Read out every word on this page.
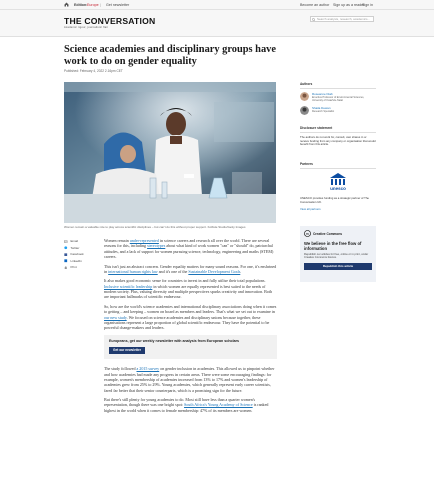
Edition: Europe | Get newsletter	Become an author Sign up as a reader
Sign in
THE CONVERSATION
Academic rigour, journalistic flair
Search analysis, research, academics...
Science academies and disciplinary groups have work to do on gender equality
Published: February 4, 2022 2.16pm CET
Women remain a valuable role to play across scientific disciplines – but can't do this without proper support. KolbHe Studio/Getty Images
Email
Twitter
Facebook
LinkedIn
Print

Women remain under-represented in science careers and research all over the world. There are several reasons for this, including stereotypes about what kind of work women "can" or "should" do, patriarchal attitudes, and a lack of support for women pursuing science, technology, engineering and maths (STEM) careers.

This isn't just an abstract concern. Gender equality matters for many sound reasons. For one, it's enshrined in international human rights law and it's one of the Sustainable Development Goals.

It also makes good economic sense for countries to invest in and fully utilise their total populations. Inclusive scientific leadership in which women are equally represented is best suited to the needs of modern society. Plus, valuing diversity and multiple perspectives sparks creativity and innovation. Both are important hallmarks of scientific endeavour.

So, how are the world's science academies and international disciplinary associations doing when it comes to getting – and keeping – women on board as members and leaders. That's what we set out to examine in our new study. We focused on science academies and disciplinary unions because together, these organisations represent a large proportion of global scientific endeavour. They have the potential to be powerful change-makers and leaders.

Europeans, get our weekly newsletter with analysis from European scholars
Get our newsletter

The study followed a 2015 survey on gender inclusion in academies. This allowed us to pinpoint whether and how academies had made any progress in certain areas. There were some encouraging findings: for example, women's membership of academies increased from 13% to 17% and women's leadership of academies grew from 25% to 29%. Young academies, which generally represent early career scientists, fared far better that their senior counterparts, which is a promising sign for the future.

But there's still plenty for young academies to do. Most still have less than a quarter women's representation, though there was one bright spot: South Africa's Young Academy of Science is ranked highest in the world when it comes to female membership: 47% of its members are women.

Authors
Roseanne Diab
Emeritus Professor of Environmental Sciences, University of KwaZulu-Natal
Shaila Dewan
Research Specialist
Disclosure statement
The authors do not work for, consult, own shares in or receive funding from any company or organisation that would benefit from this article.
Partners
unesco
UNESCO provides funding as a strategic partner of The Conversation UK.
View all partners
cc Creative Commons
We believe in the free flow of information
Republish our articles for free, online or in print, under Creative Commons licence.
Republish this article
